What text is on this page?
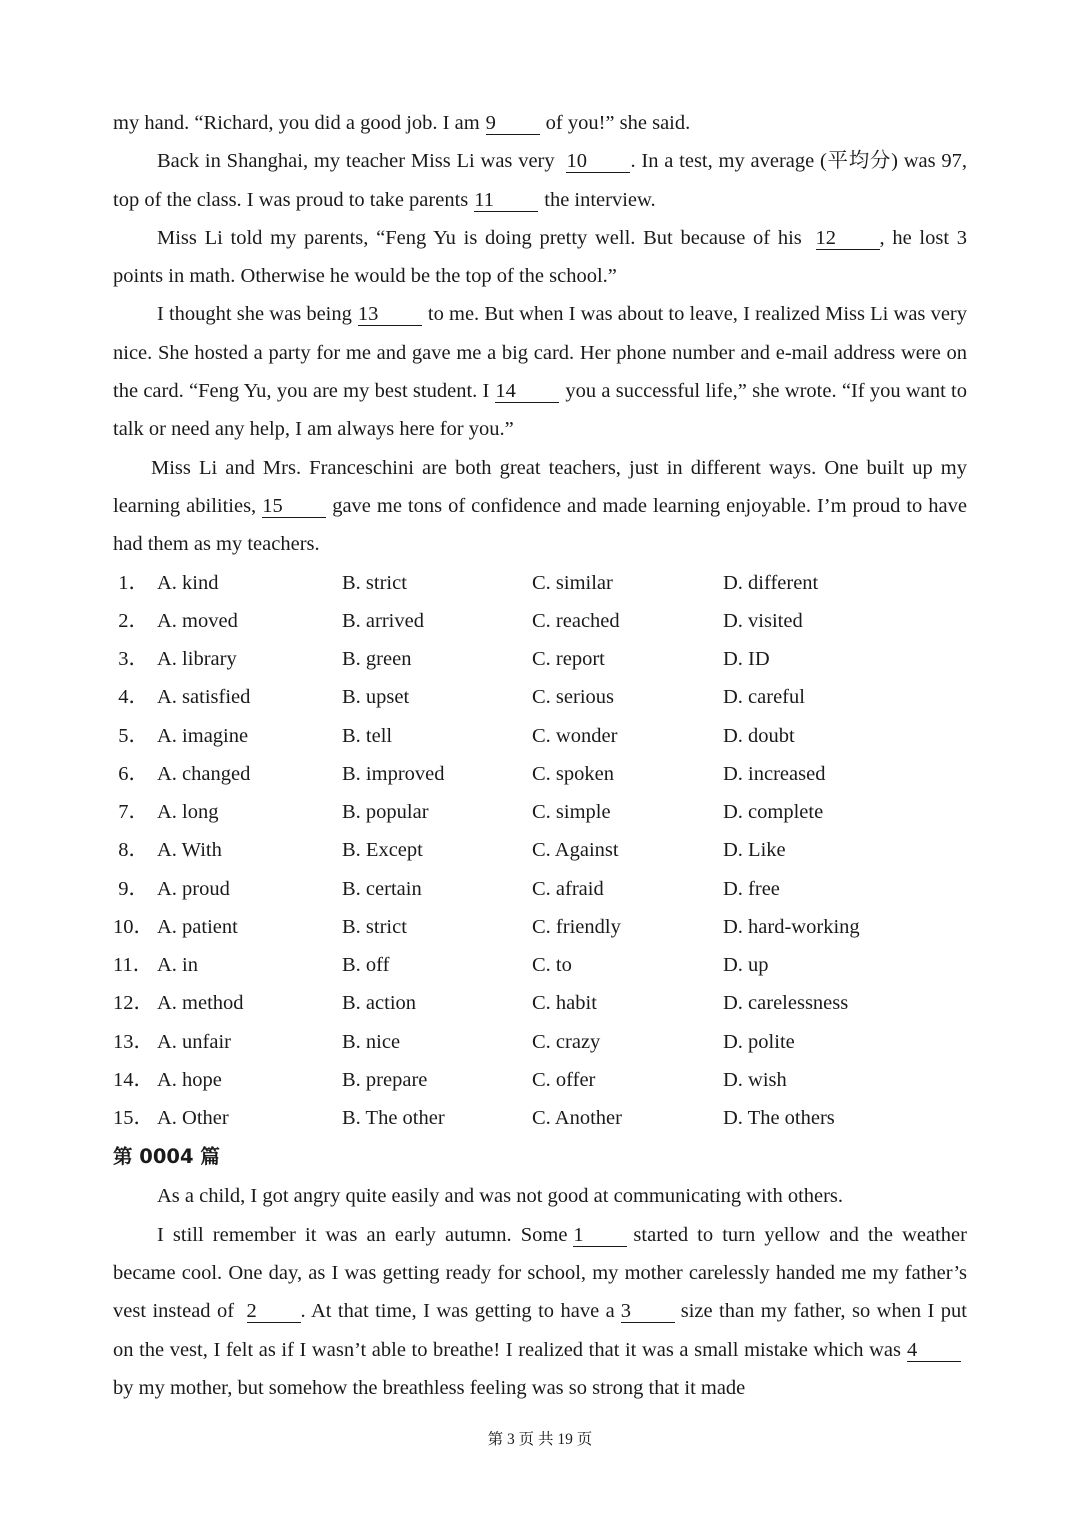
my hand. “Richard, you did a good job. I am 9 of you!” she said.

Back in Shanghai, my teacher Miss Li was very 10 . In a test, my average (平均分) was 97, top of the class. I was proud to take parents 11 the interview.

Miss Li told my parents, “Feng Yu is doing pretty well. But because of his 12 , he lost 3 points in math. Otherwise he would be the top of the school.”

I thought she was being 13 to me. But when I was about to leave, I realized Miss Li was very nice. She hosted a party for me and gave me a big card. Her phone number and e-mail address were on the card. “Feng Yu, you are my best student. I 14 you a successful life,” she wrote. “If you want to talk or need any help, I am always here for you.”

Miss Li and Mrs. Franceschini are both great teachers, just in different ways. One built up my learning abilities, 15 gave me tons of confidence and made learning enjoyable. I’m proud to have had them as my teachers.

1． A. kind	B. strict	C. similar	D. different
2． A. moved	B. arrived	C. reached	D. visited
3． A. library	B. green	C. report	D. ID
4． A. satisfied	B. upset	C. serious	D. careful
5． A. imagine	B. tell	C. wonder	D. doubt
6． A. changed	B. improved	C. spoken	D. increased
7． A. long	B. popular	C. simple	D. complete
8． A. With	B. Except	C. Against	D. Like
9． A. proud	B. certain	C. afraid	D. free
10． A. patient	B. strict	C. friendly	D. hard-working
11． A. in	B. off	C. to	D. up
12． A. method	B. action	C. habit	D. carelessness
13． A. unfair	B. nice	C. crazy	D. polite
14． A. hope	B. prepare	C. offer	D. wish
15． A. Other	B. The other	C. Another	D. The others
第 0004 篇

As a child, I got angry quite easily and was not good at communicating with others.

I still remember it was an early autumn. Some 1 started to turn yellow and the weather became cool. One day, as I was getting ready for school, my mother carelessly handed me my father’s vest instead of 2 . At that time, I was getting to have a 3 size than my father, so when I put on the vest, I felt as if I wasn’t able to breathe! I realized that it was a small mistake which was 4by my mother, but somehow the breathless feeling was so strong that it made

第 3 页 共 19 页
